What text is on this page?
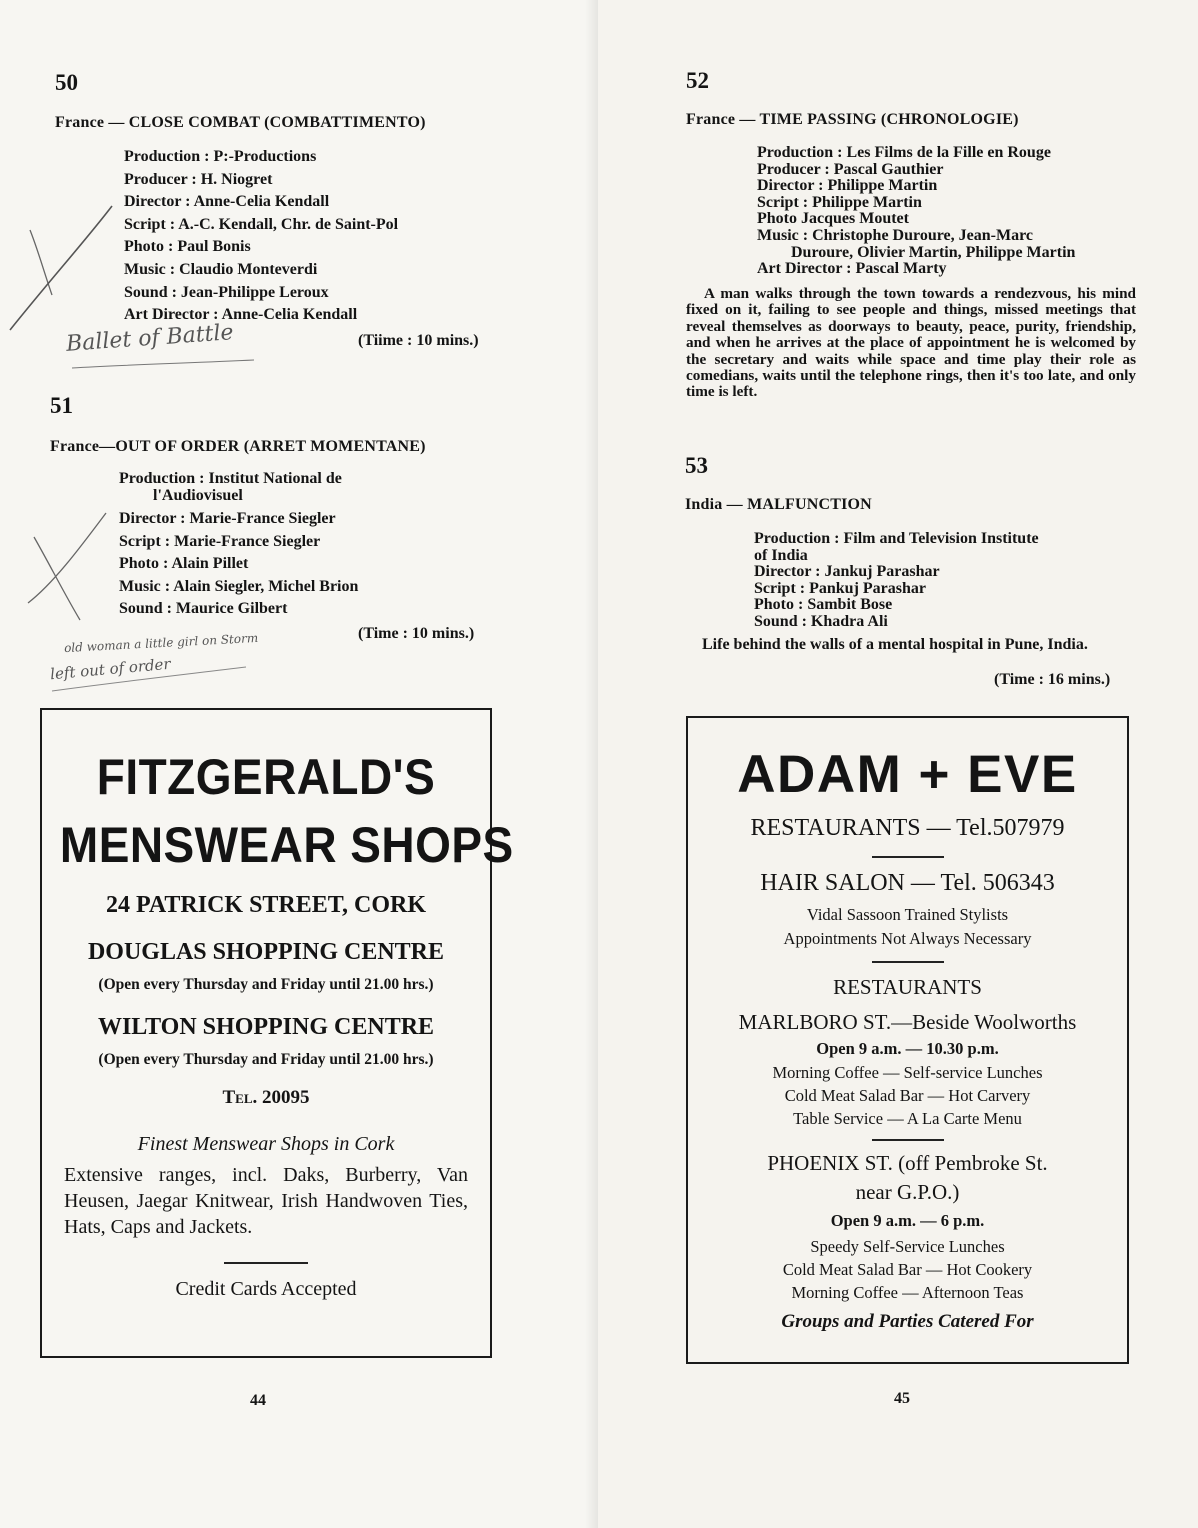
50
France — CLOSE COMBAT (COMBATTIMENTO)
Production : P:-Productions
Producer : H. Niogret
Director : Anne-Celia Kendall
Script : A.-C. Kendall, Chr. de Saint-Pol
Photo : Paul Bonis
Music : Claudio Monteverdi
Sound : Jean-Philippe Leroux
Art Director : Anne-Celia Kendall
(Tiime : 10 mins.)
Ballet of Battle
51
France—OUT OF ORDER (ARRET MOMENTANE)
Production : Institut National de
l'Audiovisuel
Director : Marie-France Siegler
Script : Marie-France Siegler
Photo : Alain Pillet
Music : Alain Siegler, Michel Brion
Sound : Maurice Gilbert
(Time : 10 mins.)
old woman a little girl on Storm
left out of order
FITZGERALD'S
MENSWEAR SHOPS
24 PATRICK STREET, CORK
DOUGLAS SHOPPING CENTRE
(Open every Thursday and Friday until 21.00 hrs.)
WILTON SHOPPING CENTRE
(Open every Thursday and Friday until 21.00 hrs.)
Tel. 20095
Finest Menswear Shops in Cork
Extensive ranges, incl. Daks, Burberry, Van Heusen, Jaegar Knitwear, Irish Handwoven Ties, Hats, Caps and Jackets.
Credit Cards Accepted
44
52
France — TIME PASSING (CHRONOLOGIE)
Production : Les Films de la Fille en Rouge
Producer : Pascal Gauthier
Director : Philippe Martin
Script : Philippe Martin
Photo Jacques Moutet
Music : Christophe Duroure, Jean-Marc
Duroure, Olivier Martin, Philippe Martin
Art Director : Pascal Marty
A man walks through the town towards a rendezvous, his mind fixed on it, failing to see people and things, missed meetings that reveal themselves as doorways to beauty, peace, purity, friendship, and when he arrives at the place of appointment he is welcomed by the secretary and waits while space and time play their role as comedians, waits until the telephone rings, then it's too late, and only time is left.
53
India — MALFUNCTION
Production : Film and Television Institute
of India
Director : Jankuj Parashar
Script : Pankuj Parashar
Photo : Sambit Bose
Sound : Khadra Ali
Life behind the walls of a mental hospital in Pune, India.
(Time : 16 mins.)
ADAM + EVE
RESTAURANTS — Tel.507979
HAIR SALON — Tel. 506343
Vidal Sassoon Trained Stylists
Appointments Not Always Necessary
RESTAURANTS
MARLBORO ST.—Beside Woolworths
Open 9 a.m. — 10.30 p.m.
Morning Coffee — Self-service Lunches
Cold Meat Salad Bar — Hot Carvery
Table Service — A La Carte Menu
PHOENIX ST. (off Pembroke St.
near G.P.O.)
Open 9 a.m. — 6 p.m.
Speedy Self-Service Lunches
Cold Meat Salad Bar — Hot Cookery
Morning Coffee — Afternoon Teas
Groups and Parties Catered For
45
